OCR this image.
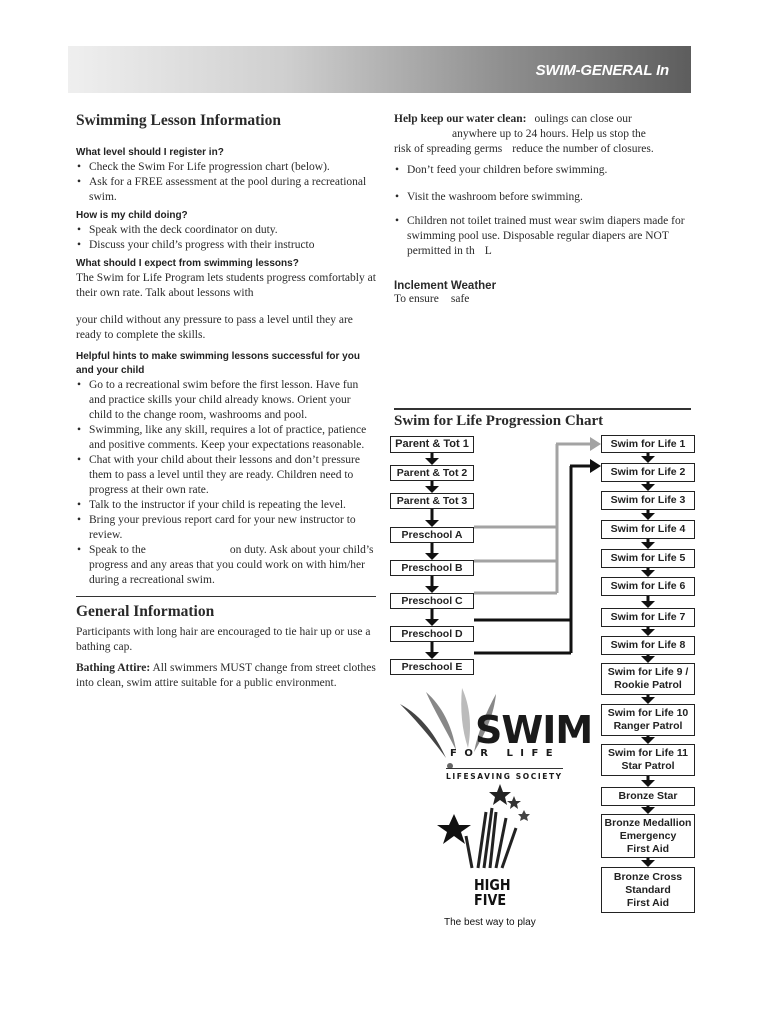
SWIM-GENERAL In
Swimming Lesson Information
What level should I register in?
• Check the Swim For Life progression chart (below).
• Ask for a FREE assessment at the pool during a recreational swim.
How is my child doing?
• Speak with the deck coordinator on duty.
• Discuss your child’s progress with their instructo
What should I expect from swimming lessons?
The Swim for Life Program lets students progress comfortably at their own rate. Talk about lessons with
your child without any pressure to pass a level until they are ready to complete the skills.
Helpful hints to make swimming lessons successful for you and your child
• Go to a recreational swim before the first lesson. Have fun and practice skills your child already knows. Orient your child to the change room, washrooms and pool.
• Swimming, like any skill, requires a lot of practice, patience and positive comments. Keep your expectations reasonable.
• Chat with your child about their lessons and don’t pressure them to pass a level until they are ready. Children need to progress at their own rate.
• Talk to the instructor if your child is repeating the level.
• Bring your previous report card for your new instructor to review.
• Speak to the	on duty. Ask about your child’s progress and any areas that you could work on with him/her during a recreational swim.
General Information
Participants with long hair are encouraged to tie hair up or use a bathing cap.
Bathing Attire: All swimmers MUST change from street clothes into clean, swim attire suitable for a public environment.
Help keep our water clean: oulings can close our
anywhere up to 24 hours. Help us stop the
risk of spreading germs reduce the number of closures.
• Don’t feed your children before swimming.
• Visit the washroom before swimming.
• Children not toilet trained must wear swim diapers made for swimming pool use. Disposable regular diapers are NOT permitted in th L
Inclement Weather
To ensure safe
Swim for Life Progression Chart
Parent & Tot 1
Parent & Tot 2
Parent & Tot 3
Preschool A
Preschool B
Preschool C
Preschool D
Preschool E
Swim for Life 1
Swim for Life 2
Swim for Life 3
Swim for Life 4
Swim for Life 5
Swim for Life 6
Swim for Life 7
Swim for Life 8
Swim for Life 9 /
Rookie Patrol
Swim for Life 10
Ranger Patrol
Swim for Life 11
Star Patrol
Bronze Star
Bronze Medallion
Emergency
First Aid
Bronze Cross
Standard
First Aid
SWIM
F O R   L I F E
LIFESAVING SOCIETY
HIGH
FIVE
The best way to play
